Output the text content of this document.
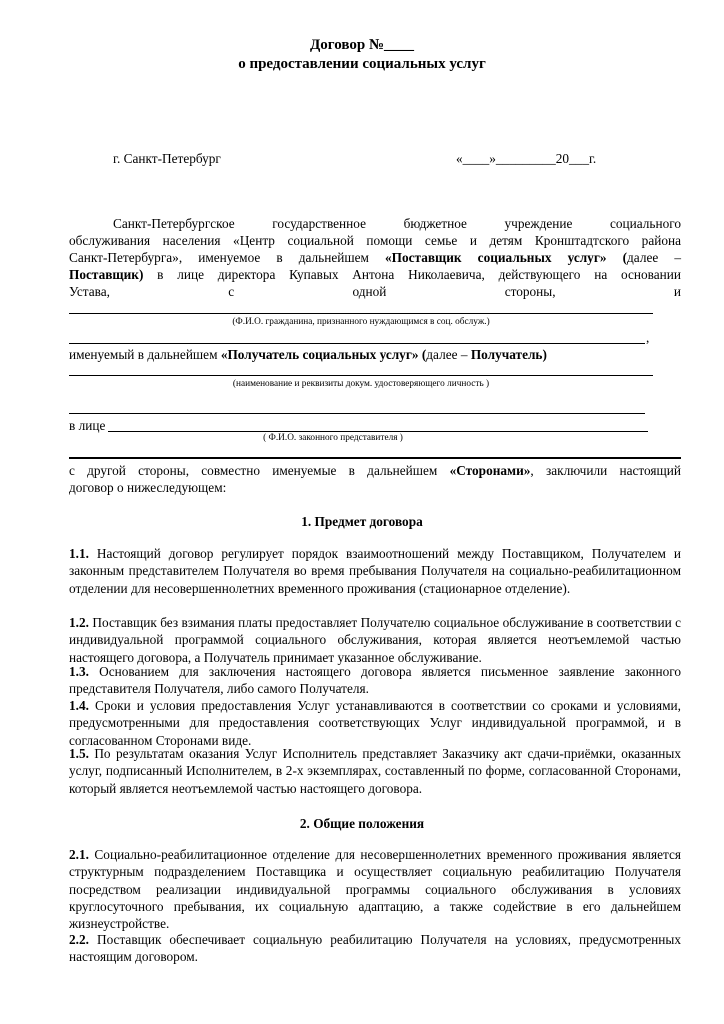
Договор №____
о предоставлении социальных услуг
г. Санкт-Петербург	«____»_________20___г.
Санкт-Петербургское государственное бюджетное учреждение социального
обслуживания населения «Центр социальной помощи семье и детям Кронштадтского района
Санкт-Петербурга», именуемое в дальнейшем «Поставщик социальных услуг» (далее –
Поставщик) в лице директора Купавых Антона Николаевича, действующего на основании
Устава, с одной стороны, и
(Ф.И.О. гражданина, признанного нуждающимся в соц. обслуж.)
,
именуемый в дальнейшем «Получатель социальных услуг» (далее – Получатель)
(наименование и реквизиты докум. удостоверяющего личность )
в лице
( Ф.И.О. законного представителя )
с другой стороны, совместно именуемые в дальнейшем «Сторонами», заключили настоящий
договор о нижеследующем:
1. Предмет договора
1.1. Настоящий договор регулирует порядок взаимоотношений между Поставщиком, Получателем и законным представителем Получателя во время пребывания Получателя на социально-реабилитационном отделении для несовершеннолетних временного проживания (стационарное отделение).
1.2. Поставщик без взимания платы предоставляет Получателю социальное обслуживание в соответствии с индивидуальной программой социального обслуживания, которая является неотъемлемой частью настоящего договора, а Получатель принимает указанное обслуживание.
1.3. Основанием для заключения настоящего договора является письменное заявление законного представителя Получателя, либо самого Получателя.
1.4. Сроки и условия предоставления Услуг устанавливаются в соответствии со сроками и условиями, предусмотренными для предоставления соответствующих Услуг индивидуальной программой, и в согласованном Сторонами виде.
1.5. По результатам оказания Услуг Исполнитель представляет Заказчику акт сдачи-приёмки, оказанных услуг, подписанный Исполнителем, в 2-х экземплярах, составленный по форме, согласованной Сторонами, который является неотъемлемой частью настоящего договора.
2. Общие положения
2.1. Социально-реабилитационное отделение для несовершеннолетних временного проживания является структурным подразделением Поставщика и осуществляет социальную реабилитацию Получателя посредством реализации индивидуальной программы социального обслуживания в условиях круглосуточного пребывания, их социальную адаптацию, а также содействие в его дальнейшем жизнеустройстве.
2.2. Поставщик обеспечивает социальную реабилитацию Получателя на условиях, предусмотренных настоящим договором.
